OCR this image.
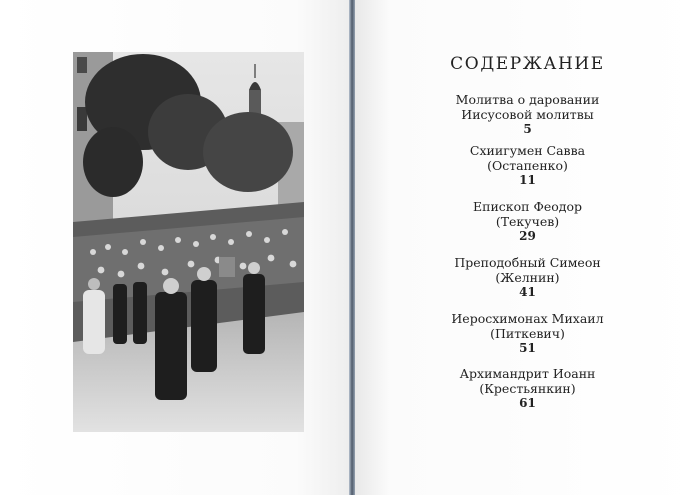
СОДЕРЖАНИЕ
Молитва о даровании
Иисусовой молитвы
5
Схиигумен Савва
(Остапенко)
11
Епископ Феодор
(Текучев)
29
Преподобный Симеон
(Желнин)
41
Иеросхимонах Михаил
(Питкевич)
51
Архимандрит Иоанн
(Крестьянкин)
61
